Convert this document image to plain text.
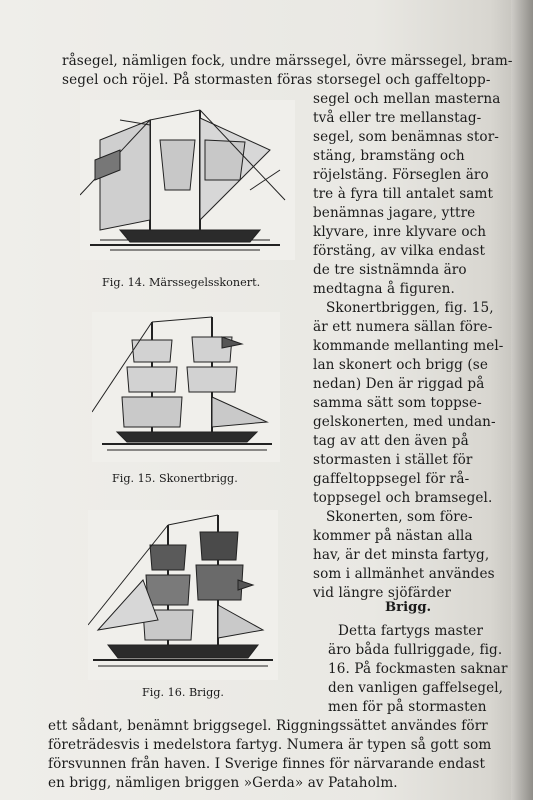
råsegel, nämligen fock, undre märssegel, övre märssegel, bram-
segel och röjel. På stormasten föras storsegel och gaffeltopp-
segel och mellan masterna
två eller tre mellanstag-
segel, som benämnas stor-
stäng, bramstäng och
röjelstäng. Förseglen äro
tre à fyra till antalet samt
benämnas jagare, yttre
klyvare, inre klyvare och
förstäng, av vilka endast
de tre sistnämnda äro
medtagna å figuren.
Skonertbriggen, fig. 15,
är ett numera sällan före-
kommande mellanting mel-
lan skonert och brigg (se
nedan) Den är riggad på
samma sätt som toppse-
gelskonerten, med undan-
tag av att den även på
stormasten i stället för
gaffeltoppsegel för rå-
toppsegel och bramsegel.
Skonerten, som före-
kommer på nästan alla
hav, är det minsta fartyg,
som i allmänhet användes
vid längre sjöfärder
Brigg.
Detta fartygs master
äro båda fullriggade, fig.
16. På fockmasten saknar
den vanligen gaffelsegel,
men för på stormasten
ett sådant, benämnt briggsegel. Riggningssättet användes förr
företrädesvis i medelstora fartyg. Numera är typen så gott som
försvunnen från haven. I Sverige finnes för närvarande endast
en brigg, nämligen briggen »Gerda» av Pataholm.
Fig. 14. Märssegelsskonert.
Fig. 15. Skonertbrigg.
Fig. 16. Brigg.
